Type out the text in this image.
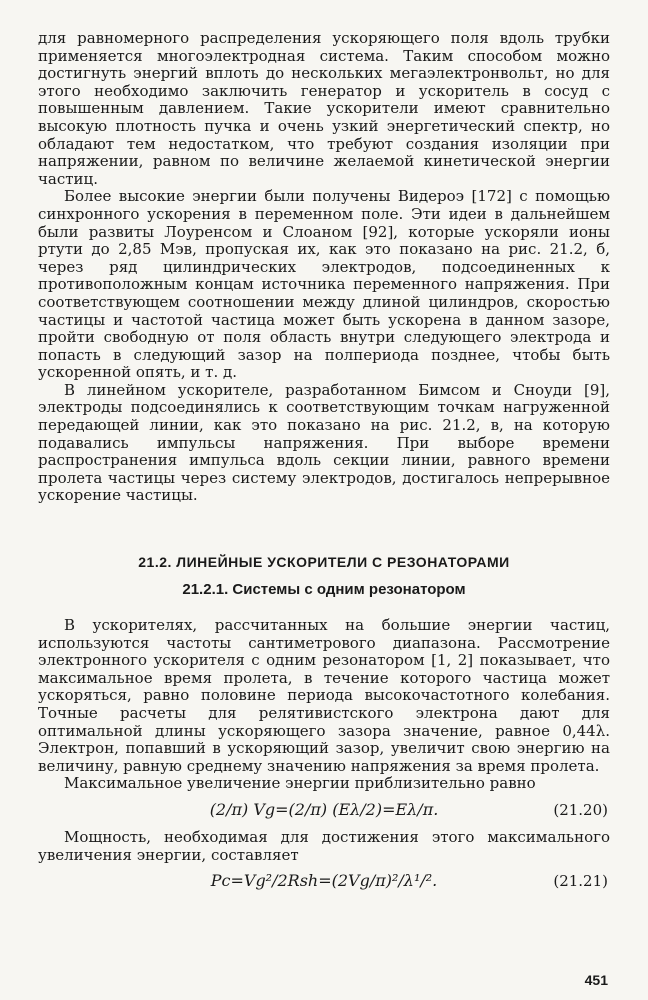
для равномерного распределения ускоряющего поля вдоль трубки применяется многоэлектродная система. Таким способом можно достигнуть энергий вплоть до нескольких мегаэлектронвольт, но для этого необходимо заключить генератор и ускоритель в сосуд с повышенным давлением. Такие ускорители имеют сравнительно высокую плотность пучка и очень узкий энергетический спектр, но обладают тем недостатком, что требуют создания изоляции при напряжении, равном по величине желаемой кинетической энергии частиц.

Более высокие энергии были получены Видероэ [172] с помощью синхронного ускорения в переменном поле. Эти идеи в дальнейшем были развиты Лоуренсом и Слоаном [92], которые ускоряли ионы ртути до 2,85 Мэв, пропуская их, как это показано на рис. 21.2, б, через ряд цилиндрических электродов, подсоединенных к противоположным концам источника переменного напряжения. При соответствующем соотношении между длиной цилиндров, скоростью частицы и частотой частица может быть ускорена в данном зазоре, пройти свободную от поля область внутри следующего электрода и попасть в следующий зазор на полпериода позднее, чтобы быть ускоренной опять, и т. д.

В линейном ускорителе, разработанном Бимсом и Сноуди [9], электроды подсоединялись к соответствующим точкам нагруженной передающей линии, как это показано на рис. 21.2, в, на которую подавались импульсы напряжения. При выборе времени распространения импульса вдоль секции линии, равного времени пролета частицы через систему электродов, достигалось непрерывное ускорение частицы.

21.2. ЛИНЕЙНЫЕ УСКОРИТЕЛИ С РЕЗОНАТОРАМИ
21.2.1. Системы с одним резонатором

В ускорителях, рассчитанных на большие энергии частиц, используются частоты сантиметрового диапазона. Рассмотрение электронного ускорителя с одним резонатором [1, 2] показывает, что максимальное время пролета, в течение которого частица может ускоряться, равно половине периода высокочастотного колебания. Точные расчеты для релятивистского электрона дают для оптимальной длины ускоряющего зазора значение, равное 0,44λ. Электрон, попавший в ускоряющий зазор, увеличит свою энергию на величину, равную среднему значению напряжения за время пролета.

Максимальное увеличение энергии приблизительно равно

(2/π) Vg=(2/π) (Eλ/2)=Eλ/π.	(21.20)

Мощность, необходимая для достижения этого максимального увеличения энергии, составляет

Pc=Vg²/2Rsh=(2Vg/π)²/λ¹/².	(21.21)
451
